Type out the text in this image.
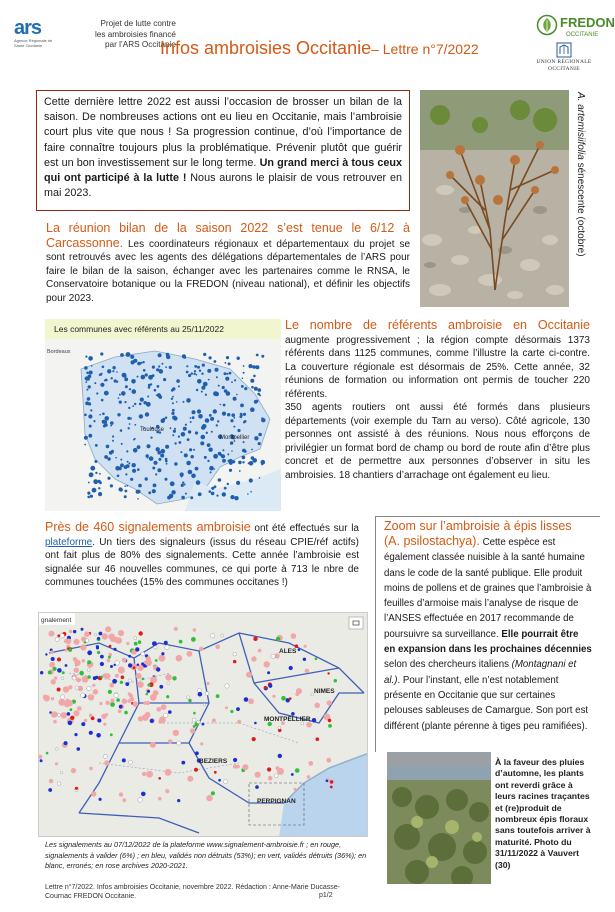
ars
Agence Régionale de Santé Occitanie
Projet de lutte contre
les ambroisies financé
par l’ARS Occitanie
Infos ambroisies Occitanie– Lettre n°7/2022
FREDON
OCCITANIE
UNION RÉGIONALE
OCCITANIE
Cette dernière lettre 2022 est aussi l’occasion de brosser un bilan de la saison. De nombreuses actions ont eu lieu en Occitanie, mais l’ambroisie court plus vite que nous ! Sa progression continue, d’où l’importance de faire connaître toujours plus la problématique. Prévenir plutôt que guérir est un bon investissement sur le long terme. Un grand merci à tous ceux qui ont participé à la lutte ! Nous aurons le plaisir de vous retrouver en mai 2023.
A. artemisiifolia sénescente (octobre)
La réunion bilan de la saison 2022 s’est tenue le 6/12 à Carcassonne. Les coordinateurs régionaux et départementaux du projet se sont retrouvés avec les agents des délégations départementales de l’ARS pour faire le bilan de la saison, échanger avec les partenaires comme le RNSA, le Conservatoire botanique ou la FREDON (niveau national), et définir les objectifs pour 2023.
Les communes avec référents au 25/11/2022
Toulouse
Montpellier
Bordeaux
Le nombre de référents ambroisie en Occitanie augmente progressivement ; la région compte désormais 1373 référents dans 1125 communes, comme l’illustre la carte ci-contre. La couverture régionale est désormais de 25%. Cette année, 32 réunions de formation ou information ont permis de toucher 220 référents.
350 agents routiers ont aussi été formés dans plusieurs départements (voir exemple du Tarn au verso). Côté agricole, 130 personnes ont assisté à des réunions. Nous nous efforçons de privilégier un format bord de champ ou bord de route afin d’être plus concret et de permettre aux personnes d’observer in situ les ambroisies. 18 chantiers d’arrachage ont également eu lieu.
Près de 460 signalements ambroisie ont été effectués sur la plateforme. Un tiers des signaleurs (issus du réseau CPIE/réf actifs) ont fait plus de 80% des signalements. Cette année l’ambroisie est signalée sur 46 nouvelles communes, ce qui porte à 713 le nbre de communes touchées (15% des communes occitanes !)
NIMES
MONTPELLIER
BEZIERS
PERPIGNAN
ALES
gnalement
Les signalements au 07/12/2022 de la plateforme www.signalement-ambroisie.fr ; en rouge, signalements à valider (6%) ; en bleu, validés non détruits (53%); en vert, validés détruits (36%); en blanc, erronés; en rose archives 2020-2021.
Zoom sur l’ambroisie à épis lisses
(A. psilostachya). Cette espèce est également classée nuisible à la santé humaine dans le code de la santé publique. Elle produit moins de pollens et de graines que l’ambroisie à feuilles d’armoise mais l’analyse de risque de l’ANSES effectuée en 2017 recommande de poursuivre sa surveillance. Elle pourrait être en expansion dans les prochaines décennies selon des chercheurs italiens (Montagnani et al.). Pour l’instant, elle n’est notablement présente en Occitanie que sur certaines pelouses sableuses de Camargue. Son port est différent (plante pérenne à tiges peu ramifiées).
À la faveur des pluies d’automne, les plants ont reverdi grâce à leurs racines traçantes et (re)produit de nombreux épis floraux sans toutefois arriver à maturité. Photo du 31/11/2022 à Vauvert (30)
Lettre n°7/2022. Infos ambroisies Occitanie, novembre 2022. Rédaction : Anne-Marie Ducasse-Cournac FREDON Occitanie.	p1/2
